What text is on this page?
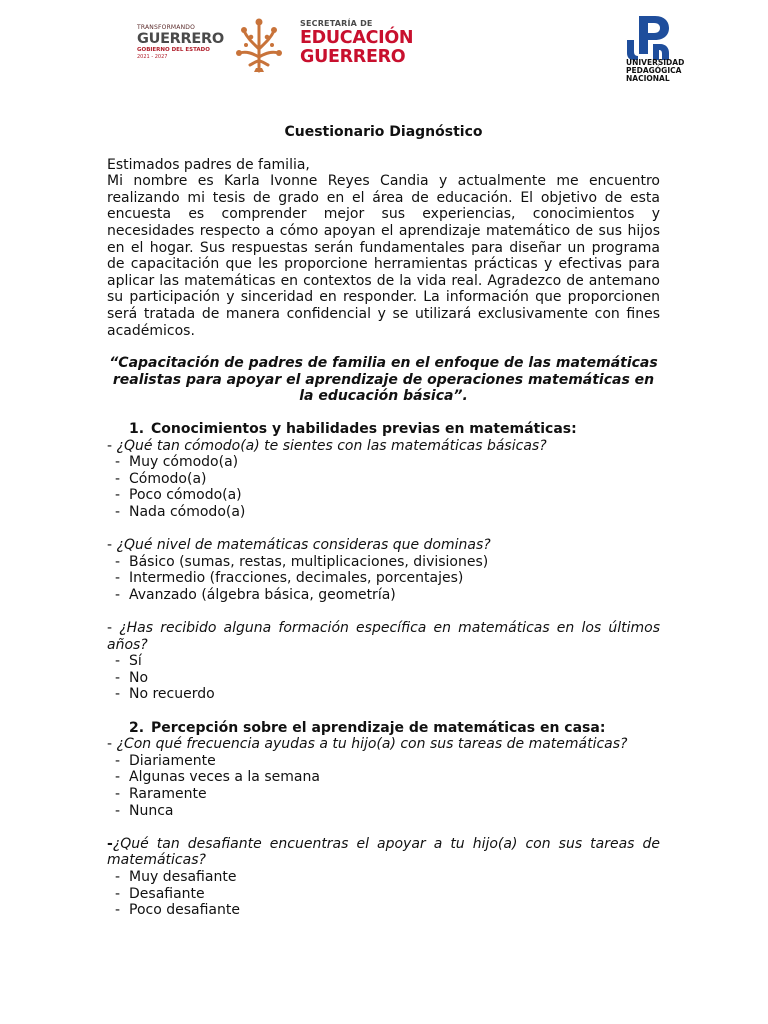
TRANSFORMANDO
GUERRERO
GOBIERNO DEL ESTADO
2021 - 2027
SECRETARÍA DE
EDUCACIÓN
GUERRERO	UNIVERSIDAD
PEDAGÓGICA
NACIONAL
Cuestionario Diagnóstico

Estimados padres de familia,

Mi nombre es Karla Ivonne Reyes Candia y actualmente me encuentro realizando mi tesis de grado en el área de educación. El objetivo de esta encuesta es comprender mejor sus experiencias, conocimientos y necesidades respecto a cómo apoyan el aprendizaje matemático de sus hijos en el hogar. Sus respuestas serán fundamentales para diseñar un programa de capacitación que les proporcione herramientas prácticas y efectivas para aplicar las matemáticas en contextos de la vida real. Agradezco de antemano su participación y sinceridad en responder. La información que proporcionen será tratada de manera confidencial y se utilizará exclusivamente con fines académicos.

“Capacitación de padres de familia en el enfoque de las matemáticas realistas para apoyar el aprendizaje de operaciones matemáticas en la educación básica”.
1. Conocimientos y habilidades previas en matemáticas:
- ¿Qué tan cómodo(a) te sientes con las matemáticas básicas?
- Muy cómodo(a)
- Cómodo(a)
- Poco cómodo(a)
- Nada cómodo(a)
- ¿Qué nivel de matemáticas consideras que dominas?
- Básico (sumas, restas, multiplicaciones, divisiones)
- Intermedio (fracciones, decimales, porcentajes)
- Avanzado (álgebra básica, geometría)
- ¿Has recibido alguna formación específica en matemáticas en los últimos años?
- Sí
- No
- No recuerdo
2. Percepción sobre el aprendizaje de matemáticas en casa:
- ¿Con qué frecuencia ayudas a tu hijo(a) con sus tareas de matemáticas?
- Diariamente
- Algunas veces a la semana
- Raramente
- Nunca
-¿Qué tan desafiante encuentras el apoyar a tu hijo(a) con sus tareas de matemáticas?
- Muy desafiante
- Desafiante
- Poco desafiante
